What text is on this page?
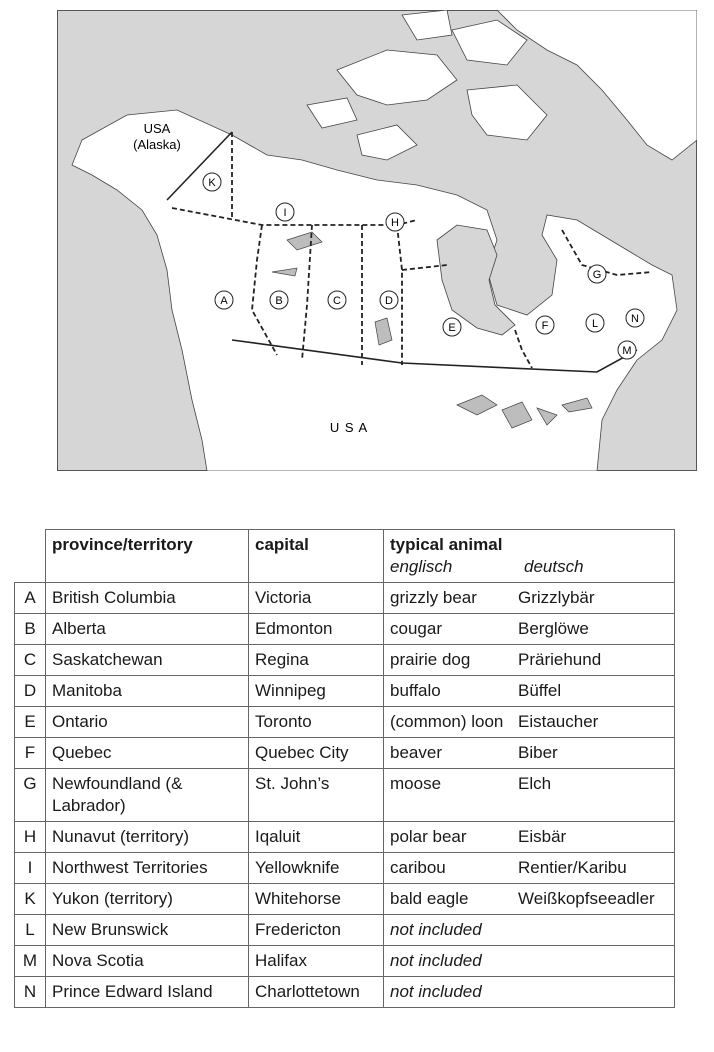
USA
(Alaska)
U S A
K
I
H
A	B	C	D
E	F
G
L	N
M
	province/territory	capital	typical animal
englisch deutsch	

A	British Columbia	Victoria	grizzly bear	Grizzlybär
B	Alberta	Edmonton	cougar	Berglöwe
C	Saskatchewan	Regina	prairie dog	Präriehund
D	Manitoba	Winnipeg	buffalo	Büffel
E	Ontario	Toronto	(common) loon	Eistaucher
F	Quebec	Quebec City	beaver	Biber
G	Newfoundland (& Labrador)	St. John’s	moose	Elch
H	Nunavut (territory)	Iqaluit	polar bear	Eisbär
I	Northwest Territories	Yellowknife	caribou	Rentier/Karibu
K	Yukon (territory)	Whitehorse	bald eagle	Weißkopfseeadler
L	New Brunswick	Fredericton	not included	
M	Nova Scotia	Halifax	not included	
N	Prince Edward Island	Charlottetown	not included	
